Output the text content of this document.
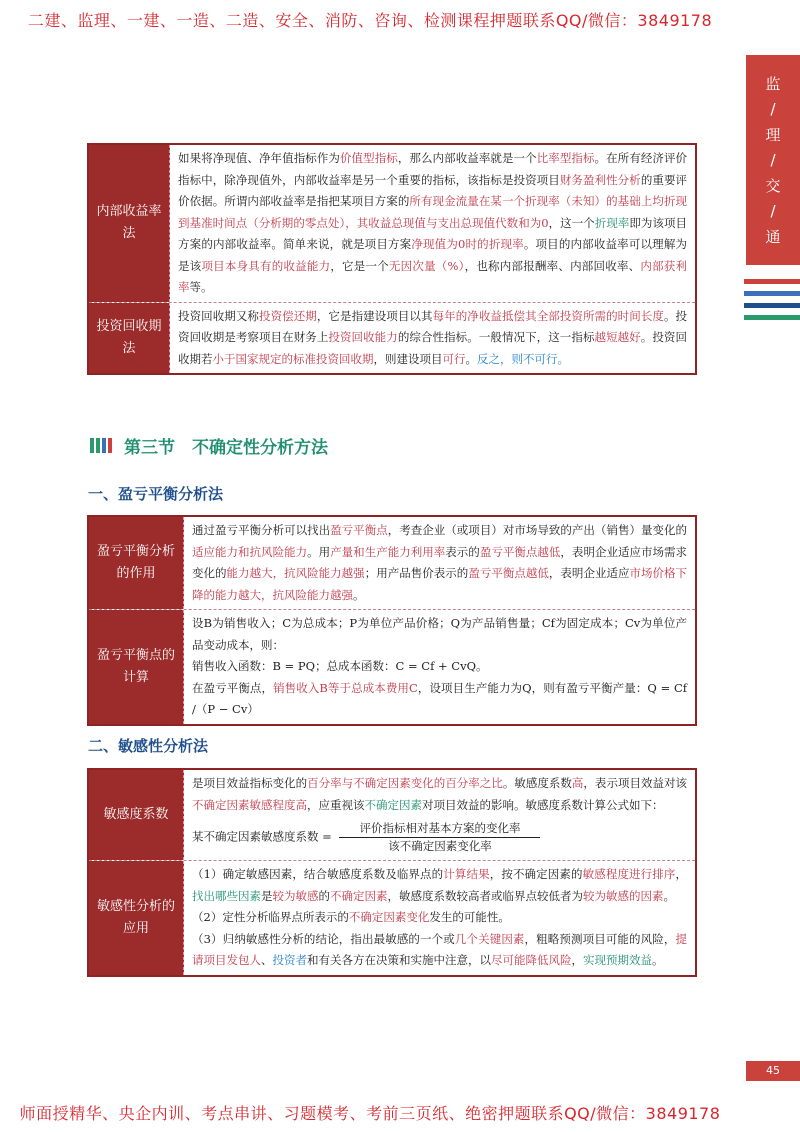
二建、监理、一建、一造、二造、安全、消防、咨询、检测课程押题联系QQ/微信：3849178
监
/
理
/
交
/
通
内部收益率法
如果将净现值、净年值指标作为价值型指标，那么内部收益率就是一个比率型指标。在所有经济评价指标中，除净现值外，内部收益率是另一个重要的指标，该指标是投资项目财务盈利性分析的重要评价依据。所谓内部收益率是指把某项目方案的所有现金流量在某一个折现率（未知）的基础上均折现到基准时间点（分析期的零点处），其收益总现值与支出总现值代数和为0，这一个折现率即为该项目方案的内部收益率。简单来说，就是项目方案净现值为0时的折现率。项目的内部收益率可以理解为是该项目本身具有的收益能力，它是一个无因次量（%），也称内部报酬率、内部回收率、内部获利率等。
投资回收期法
投资回收期又称投资偿还期，它是指建设项目以其每年的净收益抵偿其全部投资所需的时间长度。投资回收期是考察项目在财务上投资回收能力的综合性指标。一般情况下，这一指标越短越好。投资回收期若小于国家规定的标准投资回收期，则建设项目可行。反之，则不可行。
第三节　不确定性分析方法
一、盈亏平衡分析法
盈亏平衡分析的作用
通过盈亏平衡分析可以找出盈亏平衡点，考查企业（或项目）对市场导致的产出（销售）量变化的适应能力和抗风险能力。用产量和生产能力利用率表示的盈亏平衡点越低，表明企业适应市场需求变化的能力越大，抗风险能力越强；用产品售价表示的盈亏平衡点越低，表明企业适应市场价格下降的能力越大，抗风险能力越强。
盈亏平衡点的计算
设B为销售收入；C为总成本；P为单位产品价格；Q为产品销售量；Cf为固定成本；Cv为单位产品变动成本，则：
销售收入函数：B = PQ；总成本函数：C = Cf + CvQ。
在盈亏平衡点，销售收入B等于总成本费用C，设项目生产能力为Q，则有盈亏平衡产量：Q = Cf /（P − Cv）
二、敏感性分析法
敏感度系数
是项目效益指标变化的百分率与不确定因素变化的百分率之比。敏感度系数高，表示项目效益对该不确定因素敏感程度高，应重视该不确定因素对项目效益的影响。敏感度系数计算公式如下：
某不确定因素敏感度系数 = $\frac{\text{评价指标相对基本方案的变化率}}{\text{该不确定因素变化率}}$
敏感性分析的应用
（1）确定敏感因素，结合敏感度系数及临界点的计算结果，按不确定因素的敏感程度进行排序，找出哪些因素是较为敏感的不确定因素，敏感度系数较高者或临界点较低者为较为敏感的因素。
（2）定性分析临界点所表示的不确定因素变化发生的可能性。
（3）归纳敏感性分析的结论，指出最敏感的一个或几个关键因素，粗略预测项目可能的风险，提请项目发包人、投资者和有关各方在决策和实施中注意，以尽可能降低风险，实现预期效益。
45
师面授精华、央企内训、考点串讲、习题模考、考前三页纸、绝密押题联系QQ/微信：3849178
